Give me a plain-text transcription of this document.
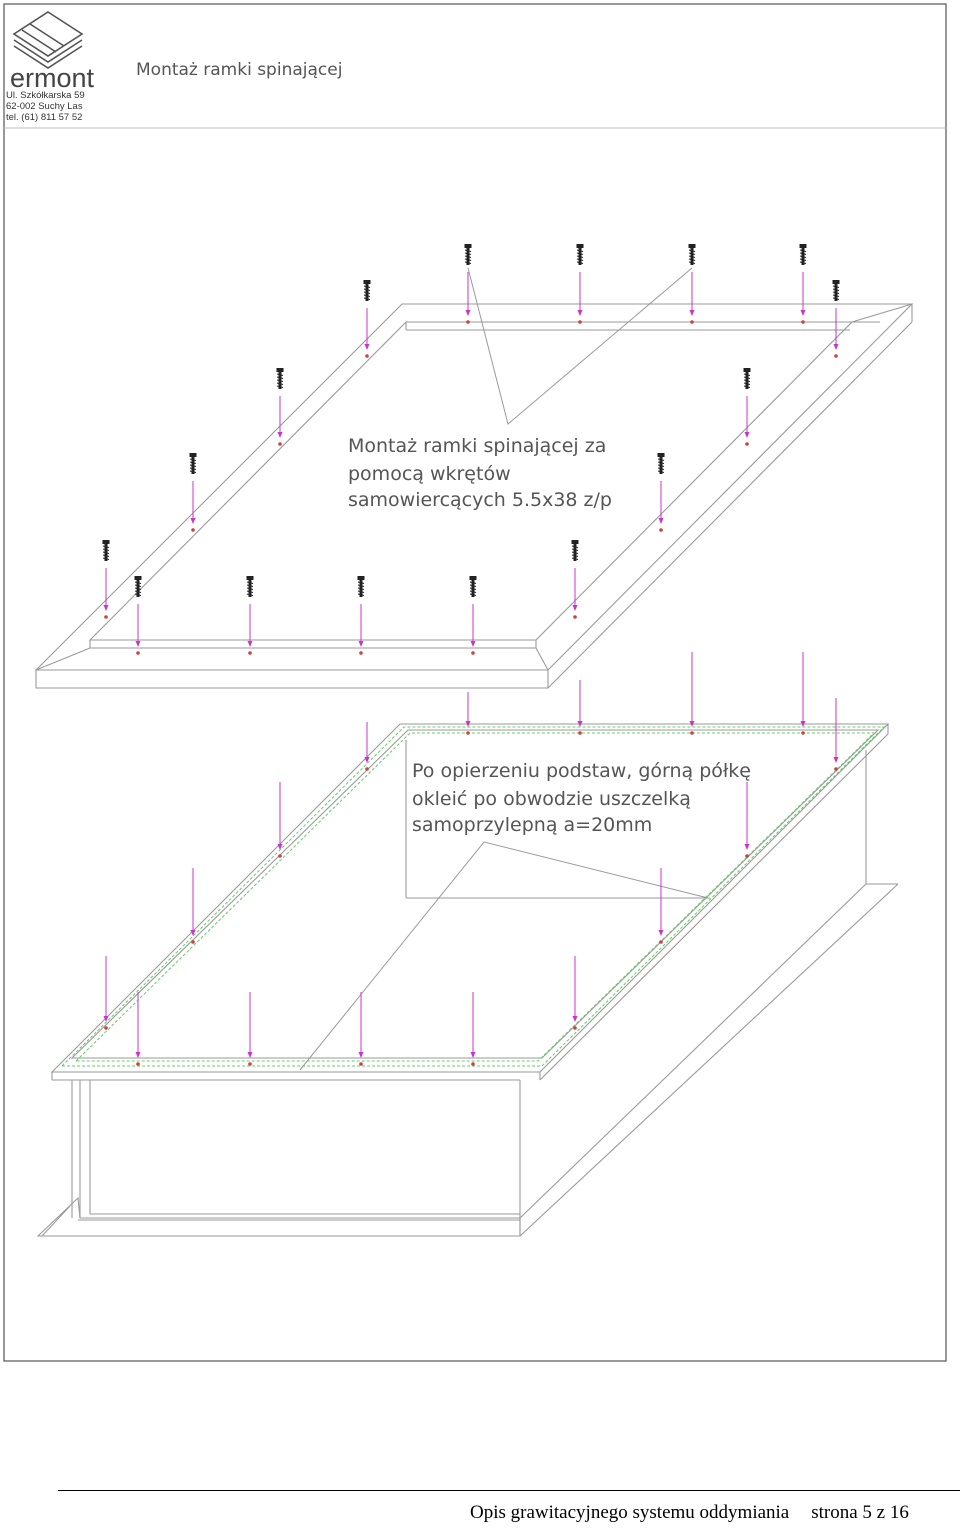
ermont
Ul. Szkółkarska 59
62-002 Suchy Las
tel. (61) 811 57 52
Montaż ramki spinającej
Montaż ramki spinającej za
pomocą wkrętów
samowiercących 5.5x38 z/p
Po opierzeniu podstaw, górną półkę
okleić po obwodzie uszczelką
samoprzylepną a=20mm
Opis grawitacyjnego systemu oddymiania strona 5 z 16
